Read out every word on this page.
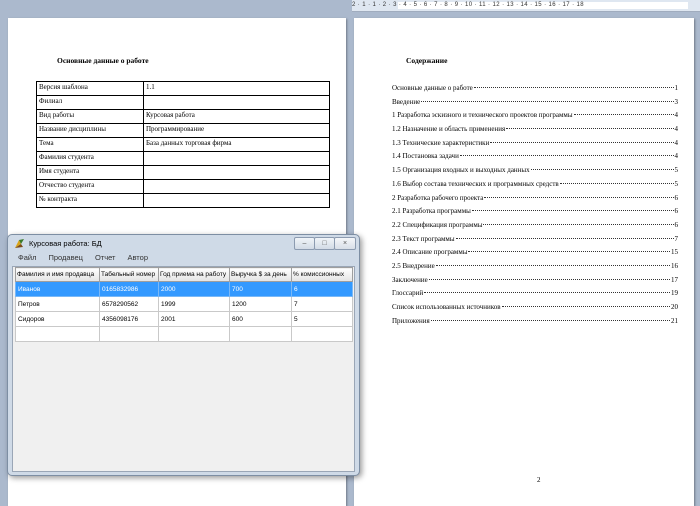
2 · 1 · 1 · 2 · 3 · 4 · 5 · 6 · 7 · 8 · 9 · 10 · 11 · 12 · 13 · 14 · 15 · 16 · 17 · 18
Основные данные о работе
Версия шаблона	1.1
Филиал	
Вид работы	Курсовая работа
Название дисциплины	Программирование
Тема	База данных торговая фирма
Фамилия студента	
Имя студента	
Отчество студента	
№ контракта	
Содержание
Основные данные о работе	1
Введение	3
1 Разработка эскизного и технического проектов программы	4
1.2 Назначение и область применения	4
1.3 Технические характеристики	4
1.4 Постановка задачи	4
1.5 Организация входных и выходных данных	5
1.6 Выбор состава технических и программных средств	5
2 Разработка рабочего проекта	6
2.1 Разработка программы	6
2.2 Спецификация программы	6
2.3 Текст программы	7
2.4 Описание программы	15
2.5 Внедрение	16
Заключение	17
Глоссарий	19
Список использованных источников	20
Приложения	21
2
Курсовая работа: БД	–	□	×
Файл Продавец Отчет Автор
Фамилия и имя продавца	Табельный номер	Год приема на работу	Выручка $ за день	% комиссионных
Иванов	0165832986	2000	700	6
Петров	6578290562	1999	1200	7
Сидоров	4356098176	2001	600	5
